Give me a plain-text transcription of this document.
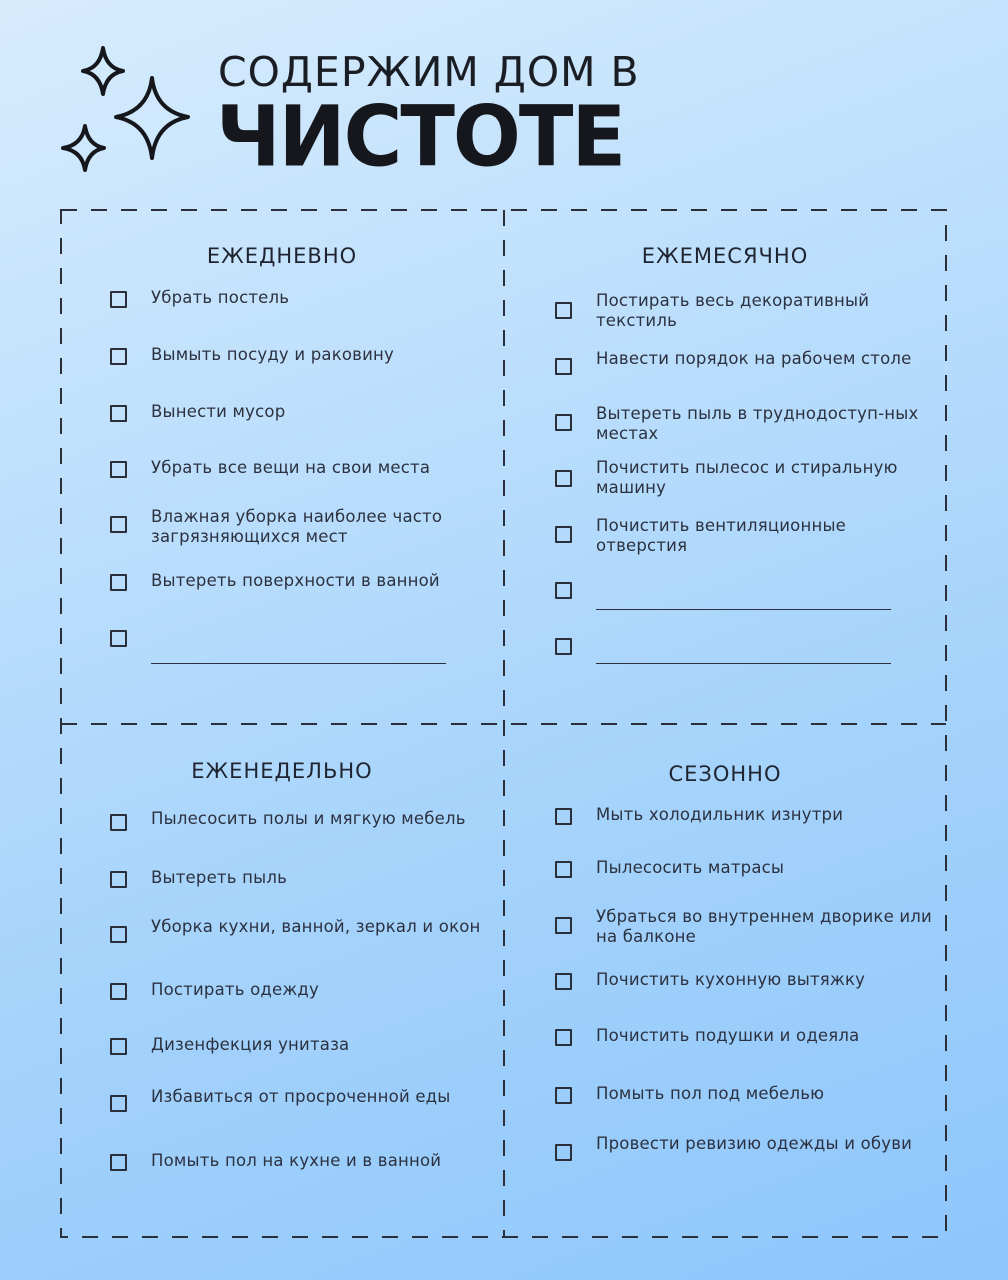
СОДЕРЖИМ ДОМ В
ЧИСТОТЕ
ЕЖЕДНЕВНО
Убрать постель
Вымыть посуду и раковину
Вынести мусор
Убрать все вещи на свои места
Влажная уборка наиболее часто загрязняющихся мест
Вытереть поверхности в ванной
ЕЖЕМЕСЯЧНО
Постирать весь декоративный текстиль
Навести порядок на рабочем столе
Вытереть пыль в труднодоступ-ных местах
Почистить пылесос и стиральную машину
Почистить вентиляционные отверстия
ЕЖЕНЕДЕЛЬНО
Пылесосить полы и мягкую мебель
Вытереть пыль
Уборка кухни, ванной, зеркал и окон
Постирать одежду
Дизенфекция унитаза
Избавиться от просроченной еды
Помыть пол на кухне и в ванной
СЕЗОННО
Мыть холодильник изнутри
Пылесосить матрасы
Убраться во внутреннем дворике или на балконе
Почистить кухонную вытяжку
Почистить подушки и одеяла
Помыть пол под мебелью
Провести ревизию одежды и обуви
